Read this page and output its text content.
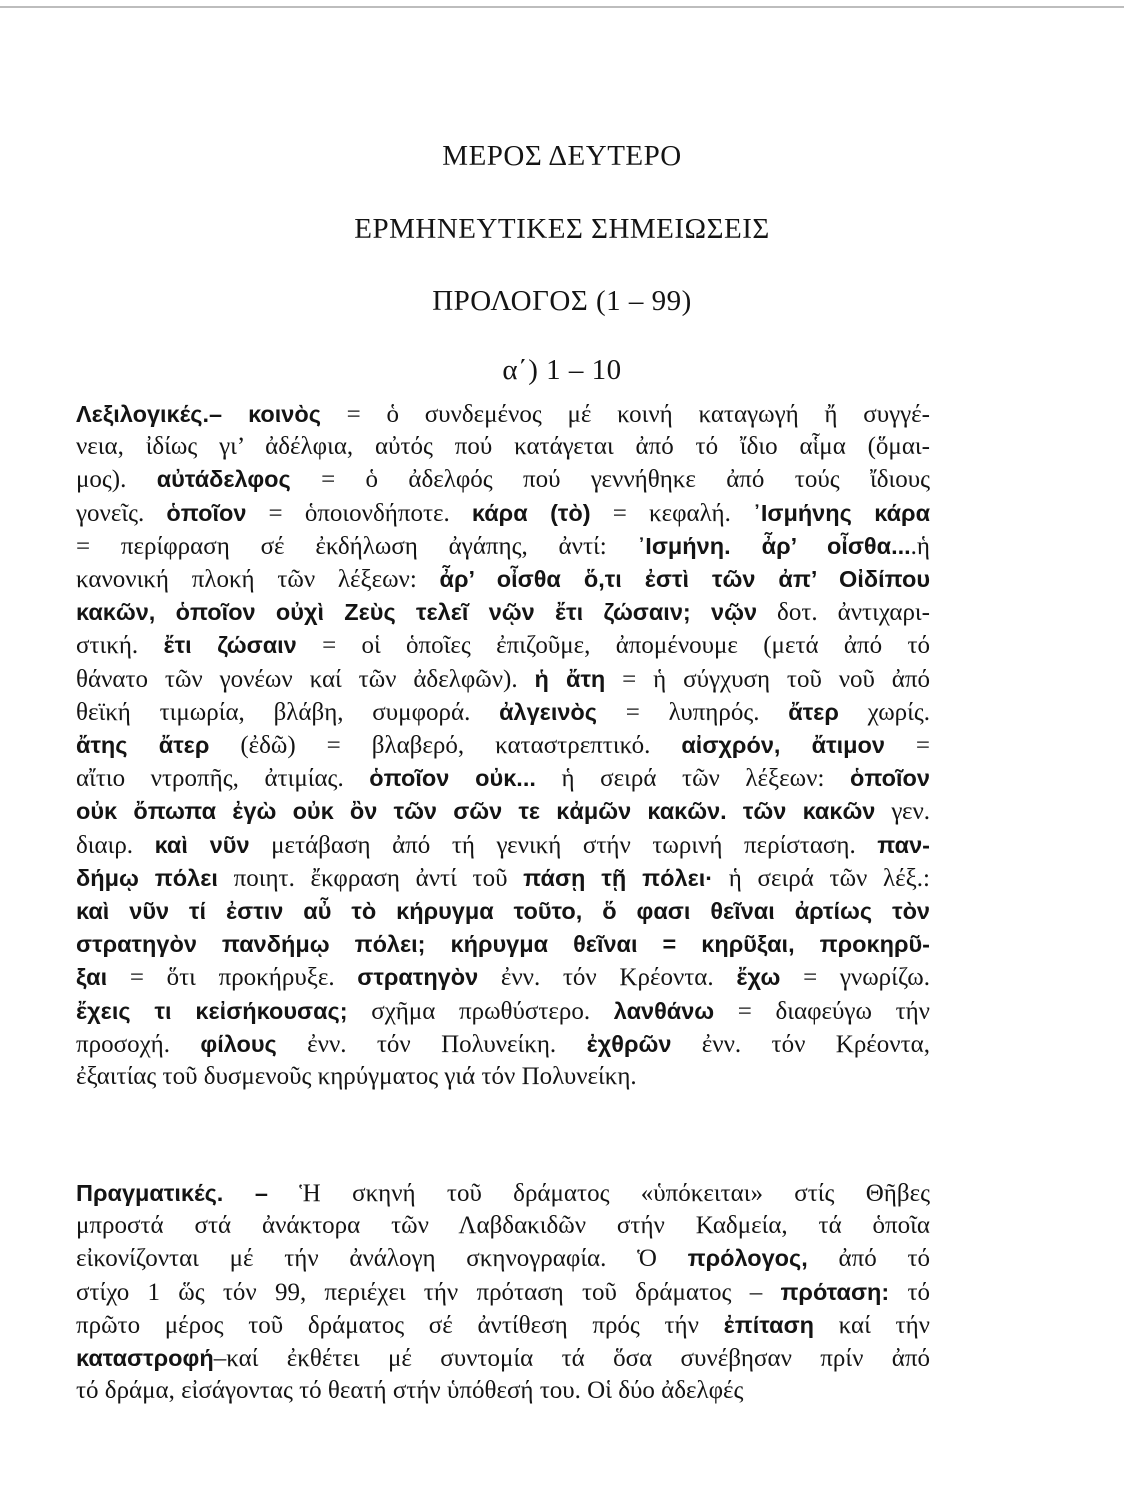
ΜΕΡΟΣ ΔΕΥΤΕΡΟ
ΕΡΜΗΝΕΥΤΙΚΕΣ ΣΗΜΕΙΩΣΕΙΣ
ΠΡΟΛΟΓΟΣ (1 – 99)
α΄) 1 – 10
Λεξιλογικές.– κοινὸς = ὁ συνδεμένος μέ κοινή καταγωγή ἤ συγγέ-
νεια, ἰδίως γι’ ἀδέλφια, αὐτός πού κατάγεται ἀπό τό ἴδιο αἷμα (ὅμαι-
μος). αὐτάδελφος = ὁ ἀδελφός πού γεννήθηκε ἀπό τούς ἴδιους
γονεῖς. ὁποῖον = ὁποιονδήποτε. κάρα (τὸ) = κεφαλή. ᾿Ισμήνης κάρα
= περίφραση σέ ἐκδήλωση ἀγάπης, ἀντί: ᾿Ισμήνη. ἆρ’ οἶσθα....ἡ
κανονική πλοκή τῶν λέξεων: ἆρ’ οἶσθα ὅ,τι ἐστὶ τῶν ἀπ’ Οἰδίπου
κακῶν, ὁποῖον οὐχὶ Ζεὺς τελεῖ νῷν ἔτι ζώσαιν; νῷν δοτ. ἀντιχαρι-
στική. ἔτι ζώσαιν = οἱ ὁποῖες ἐπιζοῦμε, ἀπομένουμε (μετά ἀπό τό
θάνατο τῶν γονέων καί τῶν ἀδελφῶν). ἡ ἄτη = ἡ σύγχυση τοῦ νοῦ ἀπό
θεϊκή τιμωρία, βλάβη, συμφορά. ἀλγεινὸς = λυπηρός. ἄτερ χωρίς.
ἄτης ἄτερ (ἐδῶ) = βλαβερό, καταστρεπτικό. αἰσχρόν, ἄτιμον =
αἴτιο ντροπῆς, ἀτιμίας. ὁποῖον οὐκ... ἡ σειρά τῶν λέξεων: ὁποῖον
οὐκ ὄπωπα ἐγὼ οὐκ ὂν τῶν σῶν τε κἀμῶν κακῶν. τῶν κακῶν γεν.
διαιρ. καὶ νῦν μετάβαση ἀπό τή γενική στήν τωρινή περίσταση. παν-
δήμῳ πόλει ποιητ. ἔκφραση ἀντί τοῦ πάσῃ τῇ πόλει· ἡ σειρά τῶν λέξ.:
καὶ νῦν τί ἐστιν αὖ τὸ κήρυγμα τοῦτο, ὅ φασι θεῖναι ἀρτίως τὸν
στρατηγὸν πανδήμῳ πόλει; κήρυγμα θεῖναι = κηρῦξαι, προκηρῦ-
ξαι = ὅτι προκήρυξε. στρατηγὸν ἐνν. τόν Κρέοντα. ἔχω = γνωρίζω.
ἔχεις τι κεἰσήκουσας; σχῆμα πρωθύστερο. λανθάνω = διαφεύγω τήν
προσοχή. φίλους ἐνν. τόν Πολυνείκη. ἐχθρῶν ἐνν. τόν Κρέοντα,
ἐξαιτίας τοῦ δυσμενοῦς κηρύγματος γιά τόν Πολυνείκη.
Πραγματικές. – Ἡ σκηνή τοῦ δράματος «ὑπόκειται» στίς Θῆβες
μπροστά στά ἀνάκτορα τῶν Λαβδακιδῶν στήν Καδμεία, τά ὁποῖα
εἰκονίζονται μέ τήν ἀνάλογη σκηνογραφία. Ὁ πρόλογος, ἀπό τό
στίχο 1 ὥς τόν 99, περιέχει τήν πρόταση τοῦ δράματος – πρόταση: τό
πρῶτο μέρος τοῦ δράματος σέ ἀντίθεση πρός τήν ἐπίταση καί τήν
καταστροφή–καί ἐκθέτει μέ συντομία τά ὅσα συνέβησαν πρίν ἀπό
τό δράμα, εἰσάγοντας τό θεατή στήν ὑπόθεσή του. Οἱ δύο ἀδελφές
